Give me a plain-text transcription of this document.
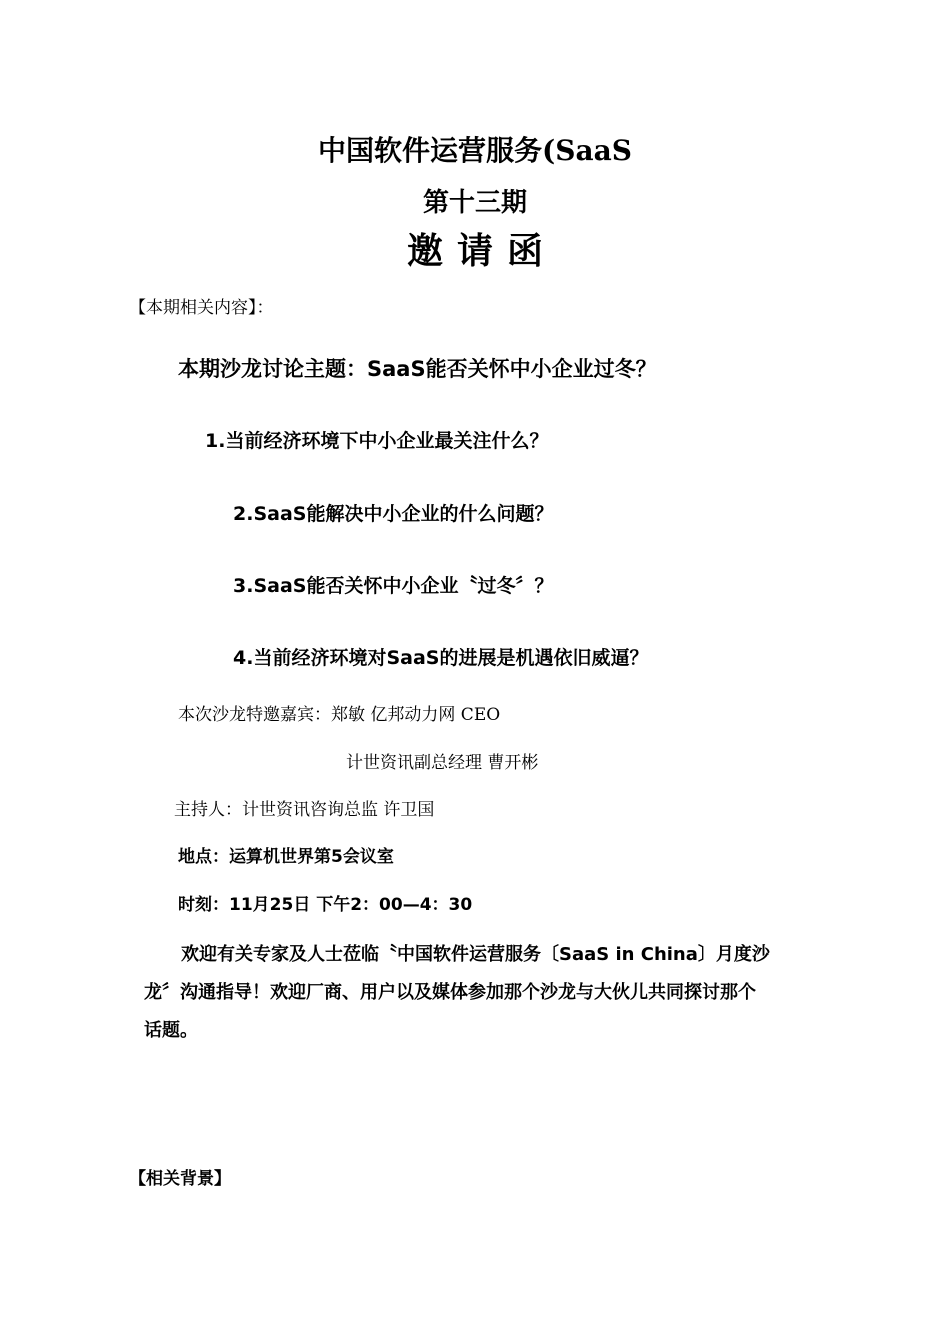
中国软件运营服务(SaaS
第十三期
邀请函
【本期相关内容】：
本期沙龙讨论主题：SaaS能否关怀中小企业过冬？
1.当前经济环境下中小企业最关注什么？
2.SaaS能解决中小企业的什么问题？
3.SaaS能否关怀中小企业〝过冬〞？
4.当前经济环境对SaaS的进展是机遇依旧威逼？
本次沙龙特邀嘉宾：郑敏 亿邦动力网 CEO
计世资讯副总经理 曹开彬
主持人：计世资讯咨询总监 许卫国
地点：运算机世界第5会议室
时刻：11月25日 下午2：00—4：30
欢迎有关专家及人士莅临〝中国软件运营服务〔SaaS in China〕月度沙
龙〞沟通指导！欢迎厂商、用户以及媒体参加那个沙龙与大伙儿共同探讨那个
话题。
【相关背景】
